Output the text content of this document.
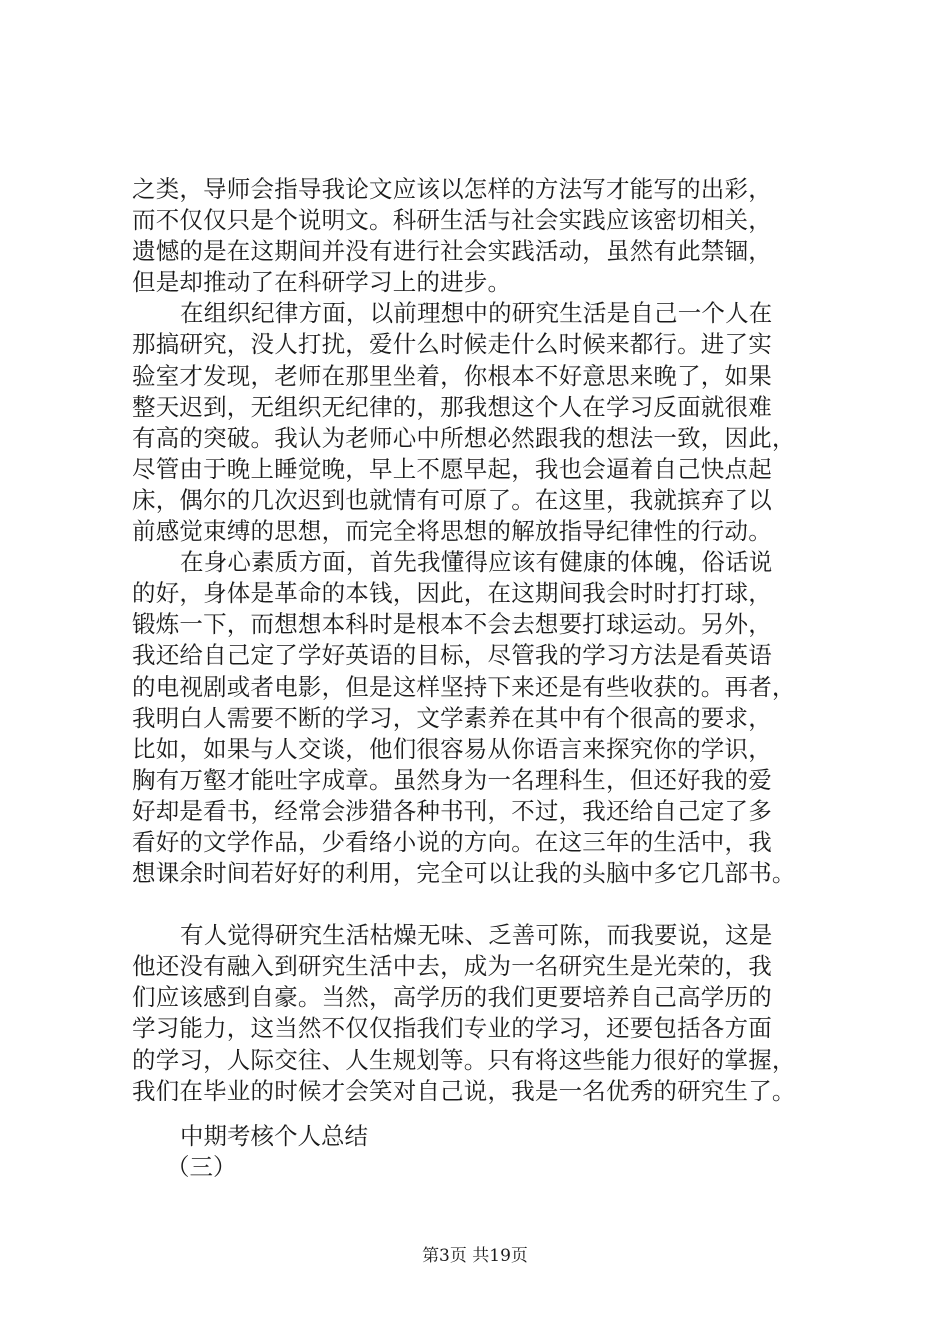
之类，导师会指导我论文应该以怎样的方法写才能写的出彩，
而不仅仅只是个说明文。科研生活与社会实践应该密切相关，
遗憾的是在这期间并没有进行社会实践活动，虽然有此禁锢，
但是却推动了在科研学习上的进步。
在组织纪律方面，以前理想中的研究生活是自己一个人在
那搞研究，没人打扰，爱什么时候走什么时候来都行。进了实
验室才发现，老师在那里坐着，你根本不好意思来晚了，如果
整天迟到，无组织无纪律的，那我想这个人在学习反面就很难
有高的突破。我认为老师心中所想必然跟我的想法一致，因此，
尽管由于晚上睡觉晚，早上不愿早起，我也会逼着自己快点起
床，偶尔的几次迟到也就情有可原了。在这里，我就摈弃了以
前感觉束缚的思想，而完全将思想的解放指导纪律性的行动。
在身心素质方面，首先我懂得应该有健康的体魄，俗话说
的好，身体是革命的本钱，因此，在这期间我会时时打打球，
锻炼一下，而想想本科时是根本不会去想要打球运动。另外，
我还给自己定了学好英语的目标，尽管我的学习方法是看英语
的电视剧或者电影，但是这样坚持下来还是有些收获的。再者，
我明白人需要不断的学习，文学素养在其中有个很高的要求，
比如，如果与人交谈，他们很容易从你语言来探究你的学识，
胸有万壑才能吐字成章。虽然身为一名理科生，但还好我的爱
好却是看书，经常会涉猎各种书刊，不过，我还给自己定了多
看好的文学作品，少看络小说的方向。在这三年的生活中，我
想课余时间若好好的利用，完全可以让我的头脑中多它几部书。
有人觉得研究生活枯燥无味、乏善可陈，而我要说，这是
他还没有融入到研究生活中去，成为一名研究生是光荣的，我
们应该感到自豪。当然，高学历的我们更要培养自己高学历的
学习能力，这当然不仅仅指我们专业的学习，还要包括各方面
的学习，人际交往、人生规划等。只有将这些能力很好的掌握，
我们在毕业的时候才会笑对自己说，我是一名优秀的研究生了。
中期考核个人总结
（三）
第3页 共19页
